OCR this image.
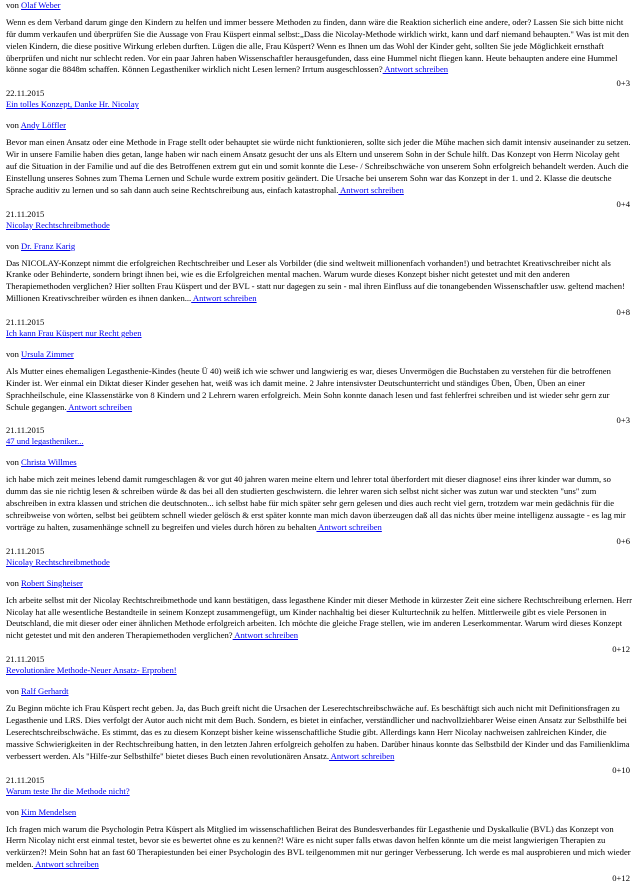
von Olaf Weber

Wenn es dem Verband darum ginge den Kindern zu helfen und immer bessere Methoden zu finden, dann wäre die Reaktion sicherlich eine andere, oder? Lassen Sie sich bitte nicht für dumm verkaufen und überprüfen Sie die Aussage von Frau Küspert einmal selbst:„Dass die Nicolay-Methode wirklich wirkt, kann und darf niemand behaupten." Was ist mit den vielen Kindern, die diese positive Wirkung erleben durften. Lügen die alle, Frau Küspert? Wenn es Ihnen um das Wohl der Kinder geht, sollten Sie jede Möglichkeit ernsthaft überprüfen und nicht nur schlecht reden. Vor ein paar Jahren haben Wissenschaftler herausgefunden, dass eine Hummel nicht fliegen kann. Heute behaupten andere eine Hummel könne sogar die 8848m schaffen. Können Legastheniker wirklich nicht Lesen lernen? Irrtum ausgeschlossen? Antwort schreiben

0+3

22.11.2015

Ein tolles Konzept, Danke Hr. Nicolay

von Andy Löffler

Bevor man einen Ansatz oder eine Methode in Frage stellt oder behauptet sie würde nicht funktionieren, sollte sich jeder die Mühe machen sich damit intensiv auseinander zu setzen. Wir in unsere Familie haben dies getan, lange haben wir nach einem Ansatz gesucht der uns als Eltern und unserem Sohn in der Schule hilft. Das Konzept von Herrn Nicolay geht auf die Situation in der Familie und auf die des Betroffenen extrem gut ein und somit konnte die Lese- / Schreibschwäche von unserem Sohn erfolgreich behandelt werden. Auch die Einstellung unseres Sohnes zum Thema Lernen und Schule wurde extrem positiv geändert. Die Ursache bei unserem Sohn war das Konzept in der 1. und 2. Klasse die deutsche Sprache auditiv zu lernen und so sah dann auch seine Rechtschreibung aus, einfach katastrophal. Antwort schreiben

0+4

21.11.2015

Nicolay Rechtschreibmethode

von Dr. Franz Karig

Das NICOLAY-Konzept nimmt die erfolgreichen Rechtschreiber und Leser als Vorbilder (die sind weltweit millionenfach vorhanden!) und betrachtet Kreativschreiber nicht als Kranke oder Behinderte, sondern bringt ihnen bei, wie es die Erfolgreichen mental machen. Warum wurde dieses Konzept bisher nicht getestet und mit den anderen Therapiemethoden verglichen? Hier sollten Frau Küspert und der BVL - statt nur dagegen zu sein - mal ihren Einfluss auf die tonangebenden Wissenschaftler usw. geltend machen! Millionen Kreativschreiber würden es ihnen danken... Antwort schreiben

0+8

21.11.2015

Ich kann Frau Küspert nur Recht geben

von Ursula Zimmer

Als Mutter eines ehemaligen Legasthenie-Kindes (heute Ü 40) weiß ich wie schwer und langwierig es war, dieses Unvermögen die Buchstaben zu verstehen für die betroffenen Kinder ist. Wer einmal ein Diktat dieser Kinder gesehen hat, weiß was ich damit meine. 2 Jahre intensivster Deutschunterricht und ständiges Üben, Üben, Üben an einer Sprachheilschule, eine Klassenstärke von 8 Kindern und 2 Lehrern waren erfolgreich. Mein Sohn konnte danach lesen und fast fehlerfrei schreiben und ist wieder sehr gern zur Schule gegangen. Antwort schreiben

0+3

21.11.2015

47 und legastheniker...

von Christa Willmes

ich habe mich zeit meines lebend damit rumgeschlagen & vor gut 40 jahren waren meine eltern und lehrer total überfordert mit dieser diagnose! eins ihrer kinder war dumm, so dumm das sie nie richtig lesen & schreiben würde & das bei all den studierten geschwistern. die lehrer waren sich selbst nicht sicher was zutun war und steckten "uns" zum abschreiben in extra klassen und strichen die deutschnoten... ich selbst habe für mich später sehr gern gelesen und dies auch recht viel gern, trotzdem war mein gedächnis für die schreibweise von wörten, selbst bei geübtem schnell wieder gelösch & erst später konnte man mich davon überzeugen daß all das nichts über meine intelligenz aussagte - es lag mir vorträge zu halten, zusamenhänge schnell zu begreifen und vieles durch hören zu behalten Antwort schreiben

0+6

21.11.2015

Nicolay Rechtschreibmethode

von Robert Singheiser

Ich arbeite selbst mit der Nicolay Rechtschreibmethode und kann bestätigen, dass legasthene Kinder mit dieser Methode in kürzester Zeit eine sichere Rechtschreibung erlernen. Herr Nicolay hat alle wesentliche Bestandteile in seinem Konzept zusammengefügt, um Kinder nachhaltig bei dieser Kulturtechnik zu helfen. Mittlerweile gibt es viele Personen in Deutschland, die mit dieser oder einer ähnlichen Methode erfolgreich arbeiten. Ich möchte die gleiche Frage stellen, wie im anderen Leserkommentar. Warum wird dieses Konzept nicht getestet und mit den anderen Therapiemethoden verglichen? Antwort schreiben

0+12

21.11.2015

Revolutionäre Methode-Neuer Ansatz- Erproben!

von Ralf Gerhardt

Zu Beginn möchte ich Frau Küspert recht geben. Ja, das Buch greift nicht die Ursachen der Leserechtschreibschwäche auf. Es beschäftigt sich auch nicht mit Definitionsfragen zu Legasthenie und LRS. Dies verfolgt der Autor auch nicht mit dem Buch. Sondern, es bietet in einfacher, verständlicher und nachvollziehbarer Weise einen Ansatz zur Selbsthilfe bei Leserechtschreibschwäche. Es stimmt, das es zu diesem Konzept bisher keine wissenschaftliche Studie gibt. Allerdings kann Herr Nicolay nachweisen zahlreichen Kinder, die massive Schwierigkeiten in der Rechtschreibung hatten, in den letzten Jahren erfolgreich geholfen zu haben. Darüber hinaus konnte das Selbstbild der Kinder und das Familienklima verbessert werden. Als "Hilfe-zur Selbsthilfe" bietet dieses Buch einen revolutionären Ansatz. Antwort schreiben

0+10

21.11.2015

Warum teste Ihr die Methode nicht?

von Kim Mendelsen

Ich fragen mich warum die Psychologin Petra Küspert als Mitglied im wissenschaftlichen Beirat des Bundesverbandes für Legasthenie und Dyskalkulie (BVL) das Konzept von Herrn Nicolay nicht erst einmal testet, bevor sie es bewertet ohne es zu kennen?! Wäre es nicht super falls etwas davon helfen könnte um die meist langwierigen Therapien zu verkürzen?! Mein Sohn hat an fast 60 Therapiestunden bei einer Psychologin des BVL teilgenommen mit nur geringer Verbesserung. Ich werde es mal ausprobieren und mich wieder melden. Antwort schreiben

0+12
